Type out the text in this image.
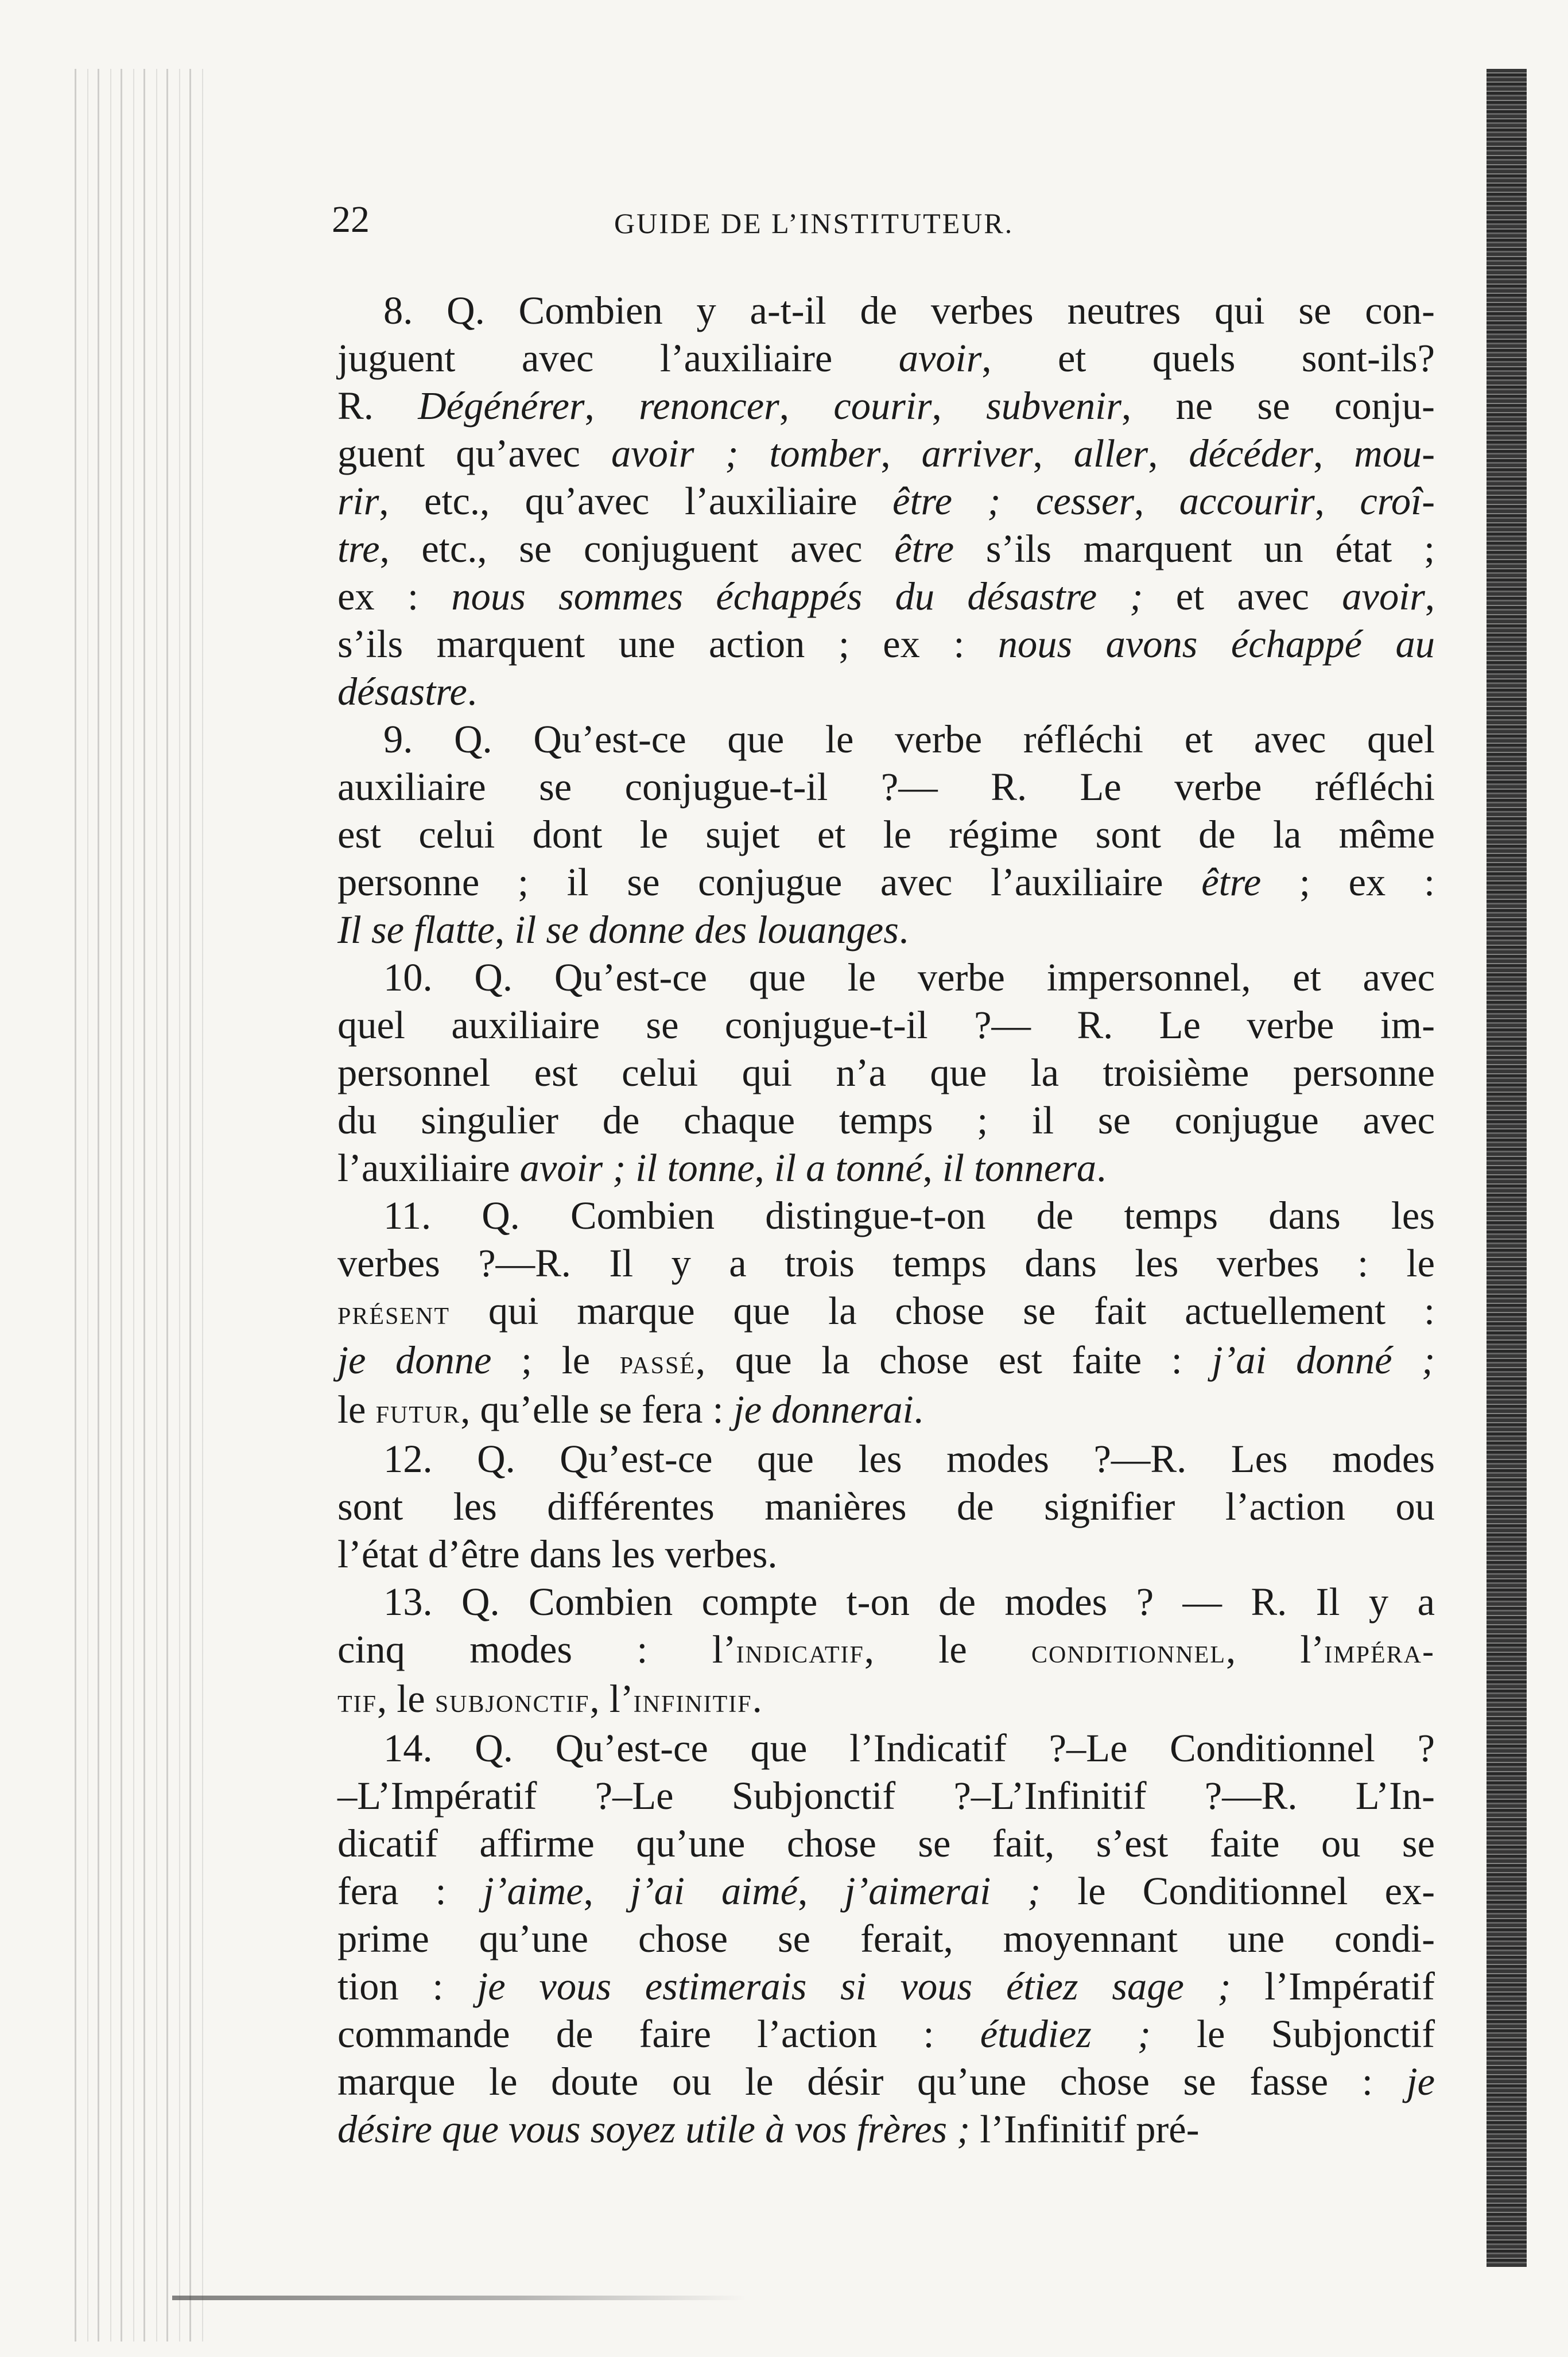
22	GUIDE DE L’INSTITUTEUR.
8. Q. Combien y a-t-il de verbes neutres qui se con-
juguent avec l’auxiliaire avoir, et quels sont-ils?
R. Dégénérer, renoncer, courir, subvenir, ne se conju-
guent qu’avec avoir ; tomber, arriver, aller, décéder, mou-
rir, etc., qu’avec l’auxiliaire être ; cesser, accourir, croî-
tre, etc., se conjuguent avec être s’ils marquent un état ;
ex : nous sommes échappés du désastre ; et avec avoir,
s’ils marquent une action ; ex : nous avons échappé au
désastre.
9. Q. Qu’est-ce que le verbe réfléchi et avec quel
auxiliaire se conjugue-t-il ?— R. Le verbe réfléchi
est celui dont le sujet et le régime sont de la même
personne ; il se conjugue avec l’auxiliaire être ; ex :
Il se flatte, il se donne des louanges.
10. Q. Qu’est-ce que le verbe impersonnel, et avec
quel auxiliaire se conjugue-t-il ?— R. Le verbe im-
personnel est celui qui n’a que la troisième personne
du singulier de chaque temps ; il se conjugue avec
l’auxiliaire avoir ; il tonne, il a tonné, il tonnera.
11. Q. Combien distingue-t-on de temps dans les
verbes ?—R. Il y a trois temps dans les verbes : le
présent qui marque que la chose se fait actuellement :
je donne ; le passé, que la chose est faite : j’ai donné ;
le futur, qu’elle se fera : je donnerai.
12. Q. Qu’est-ce que les modes ?—R. Les modes
sont les différentes manières de signifier l’action ou
l’état d’être dans les verbes.
13. Q. Combien compte t-on de modes ? — R. Il y a
cinq modes : l’indicatif, le conditionnel, l’impéra-
tif, le subjonctif, l’infinitif.
14. Q. Qu’est-ce que l’Indicatif ?–Le Conditionnel ?
–L’Impératif ?–Le Subjonctif ?–L’Infinitif ?—R. L’In-
dicatif affirme qu’une chose se fait, s’est faite ou se
fera : j’aime, j’ai aimé, j’aimerai ; le Conditionnel ex-
prime qu’une chose se ferait, moyennant une condi-
tion : je vous estimerais si vous étiez sage ; l’Impératif
commande de faire l’action : étudiez ; le Subjonctif
marque le doute ou le désir qu’une chose se fasse : je
désire que vous soyez utile à vos frères ; l’Infinitif pré-
